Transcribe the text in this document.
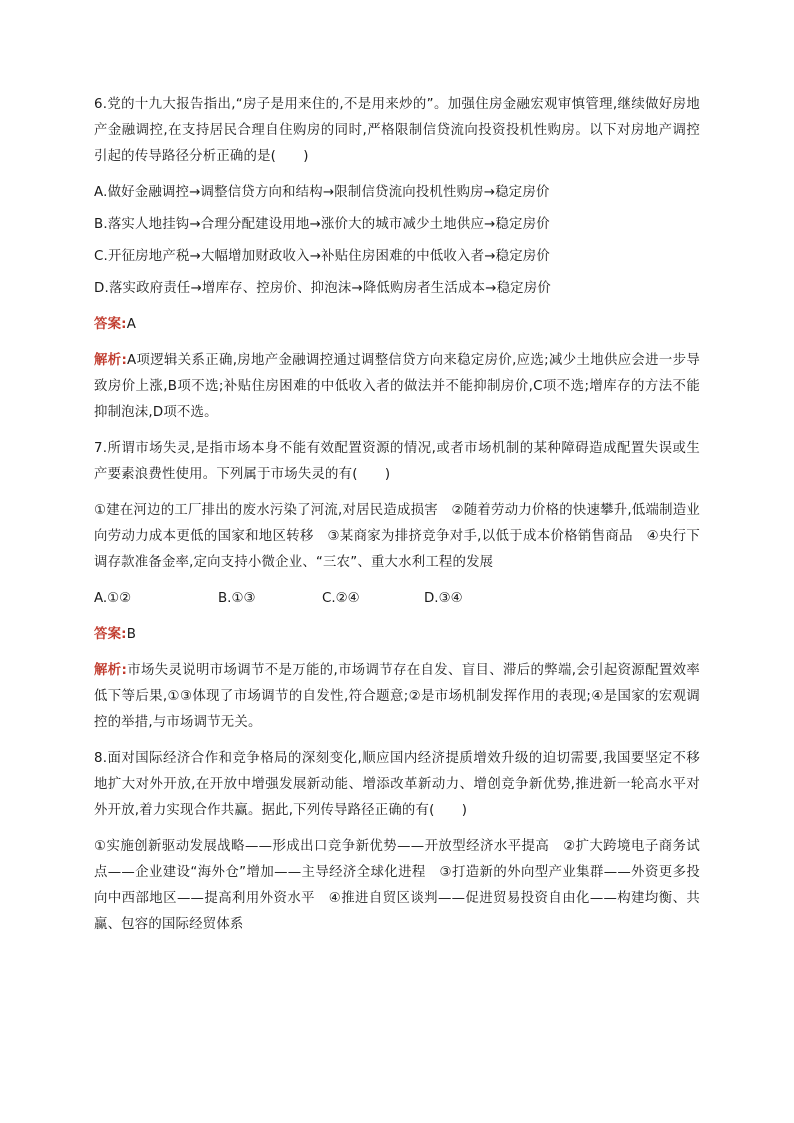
6.党的十九大报告指出,“房子是用来住的,不是用来炒的”。加强住房金融宏观审慎管理,继续做好房地产金融调控,在支持居民合理自住购房的同时,严格限制信贷流向投资投机性购房。以下对房地产调控引起的传导路径分析正确的是(　　)

A.做好金融调控→调整信贷方向和结构→限制信贷流向投机性购房→稳定房价

B.落实人地挂钩→合理分配建设用地→涨价大的城市减少土地供应→稳定房价

C.开征房地产税→大幅增加财政收入→补贴住房困难的中低收入者→稳定房价

D.落实政府责任→增库存、控房价、抑泡沫→降低购房者生活成本→稳定房价

答案:A

解析:A项逻辑关系正确,房地产金融调控通过调整信贷方向来稳定房价,应选;减少土地供应会进一步导致房价上涨,B项不选;补贴住房困难的中低收入者的做法并不能抑制房价,C项不选;增库存的方法不能抑制泡沫,D项不选。

7.所谓市场失灵,是指市场本身不能有效配置资源的情况,或者市场机制的某种障碍造成配置失误或生产要素浪费性使用。下列属于市场失灵的有(　　)

①建在河边的工厂排出的废水污染了河流,对居民造成损害　②随着劳动力价格的快速攀升,低端制造业向劳动力成本更低的国家和地区转移　③某商家为排挤竞争对手,以低于成本价格销售商品　④央行下调存款准备金率,定向支持小微企业、“三农”、重大水利工程的发展

A.①②	B.①③	C.②④	D.③④

答案:B

解析:市场失灵说明市场调节不是万能的,市场调节存在自发、盲目、滞后的弊端,会引起资源配置效率低下等后果,①③体现了市场调节的自发性,符合题意;②是市场机制发挥作用的表现;④是国家的宏观调控的举措,与市场调节无关。

8.面对国际经济合作和竞争格局的深刻变化,顺应国内经济提质增效升级的迫切需要,我国要坚定不移地扩大对外开放,在开放中增强发展新动能、增添改革新动力、增创竞争新优势,推进新一轮高水平对外开放,着力实现合作共赢。据此,下列传导路径正确的有(　　)

①实施创新驱动发展战略——形成出口竞争新优势——开放型经济水平提高　②扩大跨境电子商务试点——企业建设“海外仓”增加——主导经济全球化进程　③打造新的外向型产业集群——外资更多投向中西部地区——提高利用外资水平　④推进自贸区谈判——促进贸易投资自由化——构建均衡、共赢、包容的国际经贸体系
